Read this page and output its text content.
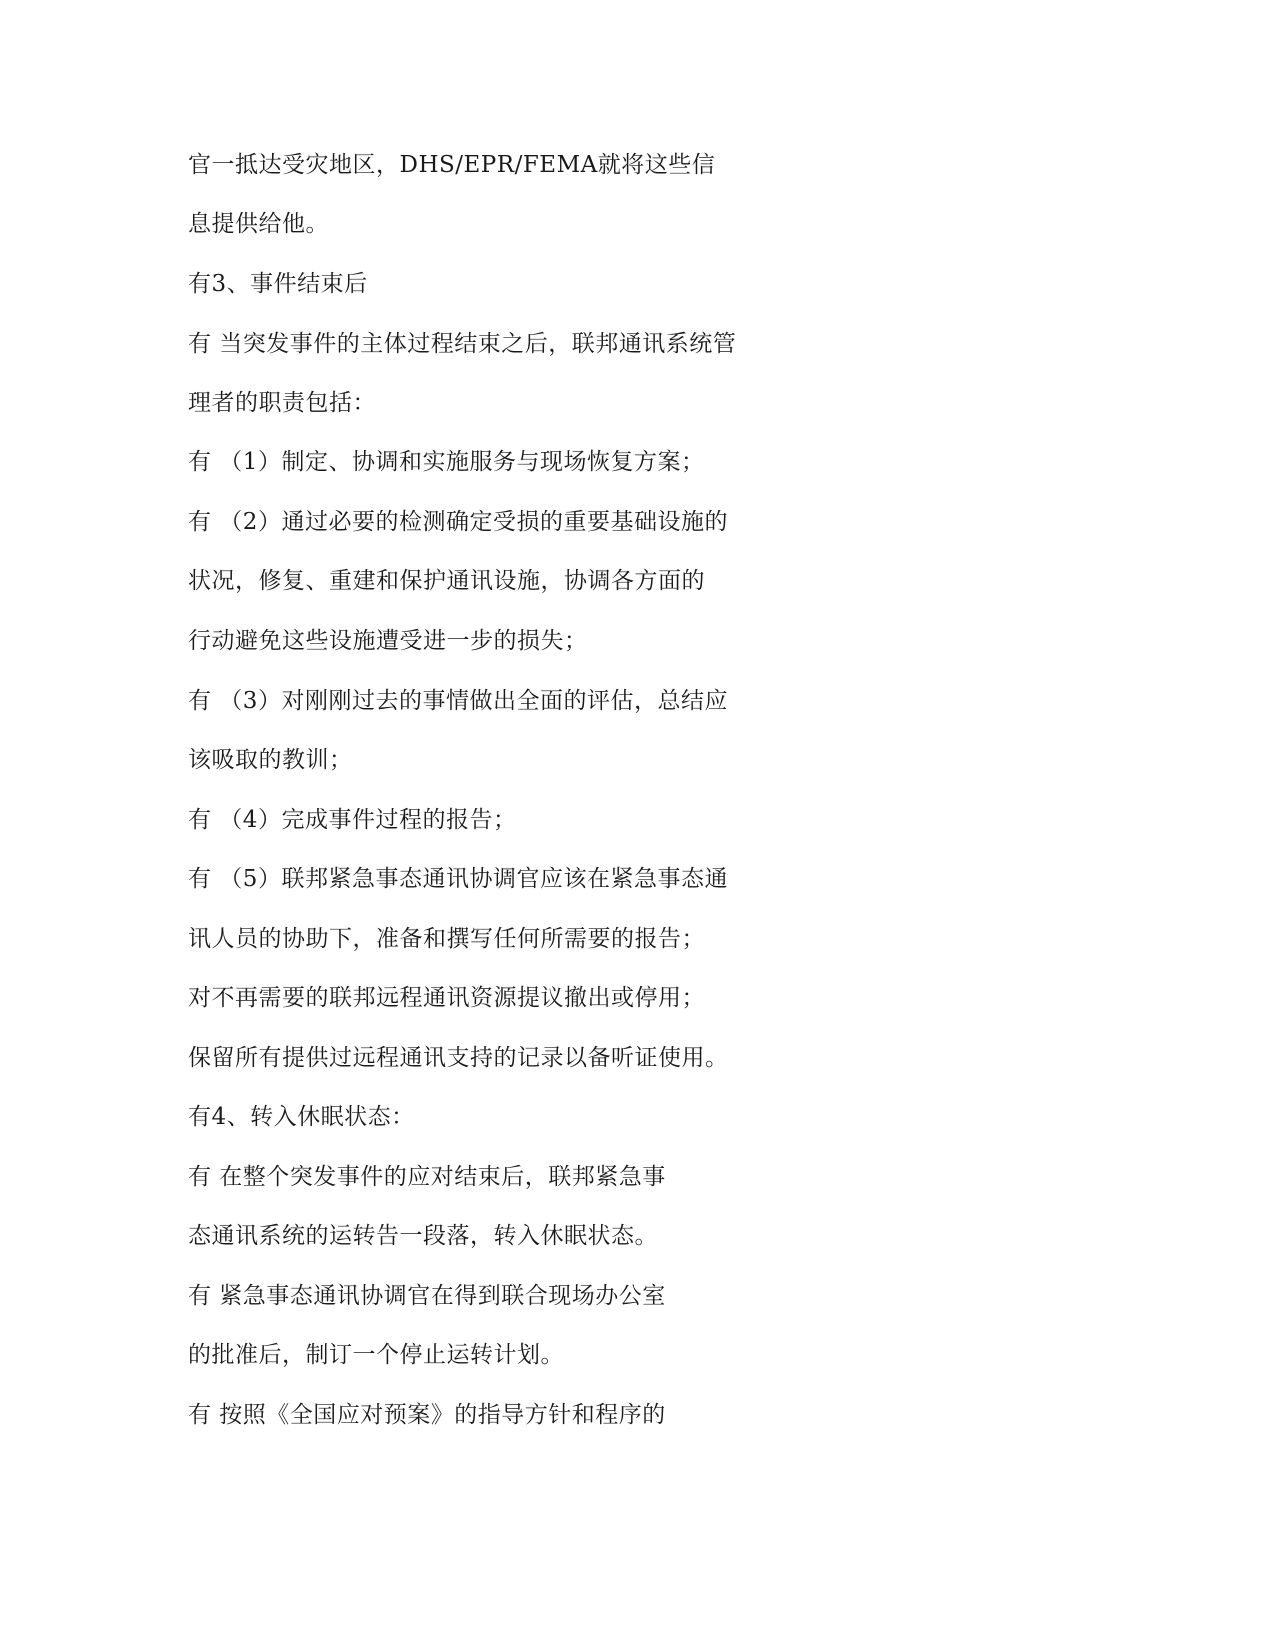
官一抵达受灾地区，DHS/EPR/FEMA就将这些信
息提供给他。
有3、事件结束后
有 当突发事件的主体过程结束之后，联邦通讯系统管
理者的职责包括：
有 （1）制定、协调和实施服务与现场恢复方案；
有 （2）通过必要的检测确定受损的重要基础设施的
状况，修复、重建和保护通讯设施，协调各方面的
行动避免这些设施遭受进一步的损失；
有 （3）对刚刚过去的事情做出全面的评估，总结应
该吸取的教训；
有 （4）完成事件过程的报告；
有 （5）联邦紧急事态通讯协调官应该在紧急事态通
讯人员的协助下，准备和撰写任何所需要的报告；
对不再需要的联邦远程通讯资源提议撤出或停用；
保留所有提供过远程通讯支持的记录以备听证使用。
有4、转入休眠状态：
有 在整个突发事件的应对结束后，联邦紧急事
态通讯系统的运转告一段落，转入休眠状态。
有 紧急事态通讯协调官在得到联合现场办公室
的批准后，制订一个停止运转计划。
有 按照《全国应对预案》的指导方针和程序的
